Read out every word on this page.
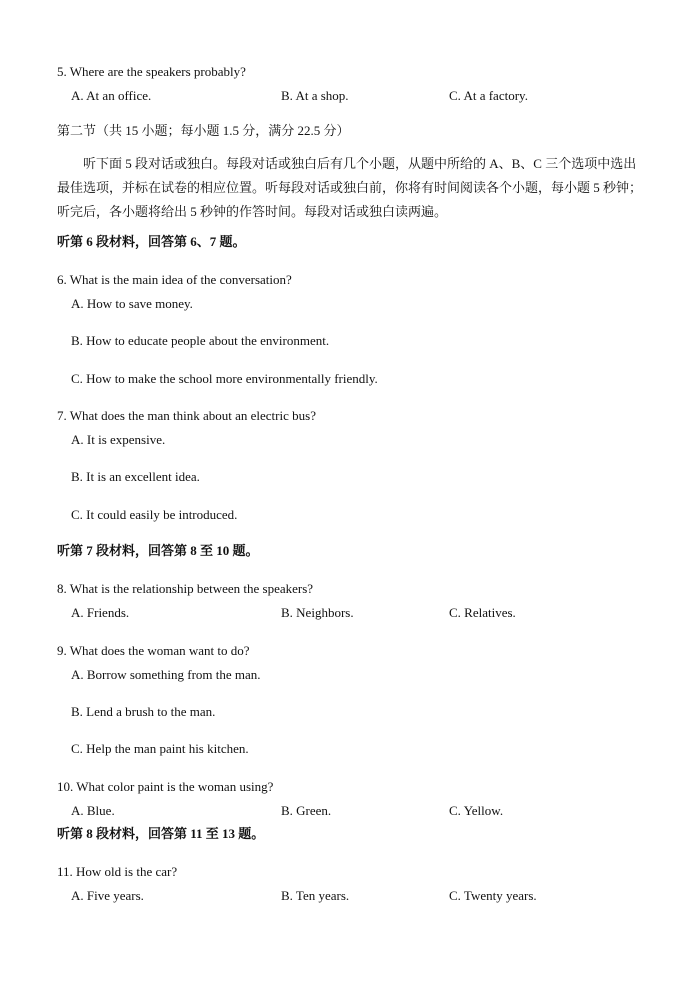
5. Where are the speakers probably?
A. At an office.	B. At a shop.	C. At a factory.
第二节（共 15 小题；每小题 1.5 分，满分 22.5 分）
听下面 5 段对话或独白。每段对话或独白后有几个小题，从题中所给的 A、B、C 三个选项中选出最佳选项，并标在试卷的相应位置。听每段对话或独白前，你将有时间阅读各个小题，每小题 5 秒钟；听完后，各小题将给出 5 秒钟的作答时间。每段对话或独白读两遍。
听第 6 段材料，回答第 6、7 题。
6. What is the main idea of the conversation?
A. How to save money.
B. How to educate people about the environment.
C. How to make the school more environmentally friendly.
7. What does the man think about an electric bus?
A. It is expensive.
B. It is an excellent idea.
C. It could easily be introduced.
听第 7 段材料，回答第 8 至 10 题。
8. What is the relationship between the speakers?
A. Friends.	B. Neighbors.	C. Relatives.
9. What does the woman want to do?
A. Borrow something from the man.
B. Lend a brush to the man.
C. Help the man paint his kitchen.
10. What color paint is the woman using?
A. Blue.	B. Green.	C. Yellow.
听第 8 段材料，回答第 11 至 13 题。
11. How old is the car?
A. Five years.	B. Ten years.	C. Twenty years.
